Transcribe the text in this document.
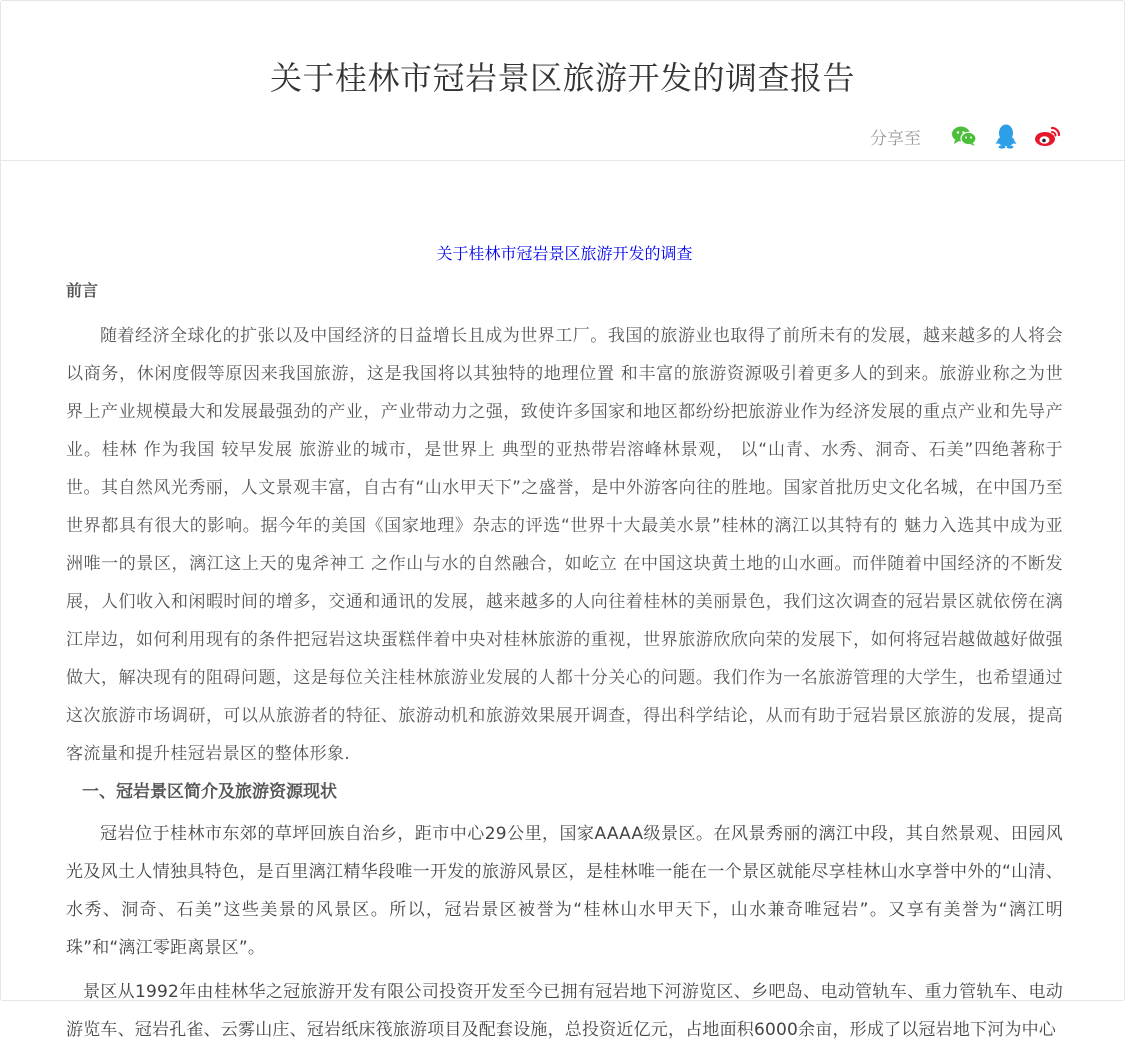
关于桂林市冠岩景区旅游开发的调查报告
分享至

关于桂林市冠岩景区旅游开发的调查

前言

随着经济全球化的扩张以及中国经济的日益增长且成为世界工厂。我国的旅游业也取得了前所未有的发展，越来越多的人将会以商务，休闲度假等原因来我国旅游，这是我国将以其独特的地理位置 和丰富的旅游资源吸引着更多人的到来。旅游业称之为世界上产业规模最大和发展最强劲的产业，产业带动力之强，致使许多国家和地区都纷纷把旅游业作为经济发展的重点产业和先导产业。桂林 作为我国 较早发展 旅游业的城市，是世界上 典型的亚热带岩溶峰林景观， 以“山青、水秀、洞奇、石美”四绝著称于世。其自然风光秀丽，人文景观丰富，自古有“山水甲天下”之盛誉，是中外游客向往的胜地。国家首批历史文化名城，在中国乃至世界都具有很大的影响。据今年的美国《国家地理》杂志的评选“世界十大最美水景”桂林的漓江以其特有的 魅力入选其中成为亚洲唯一的景区，漓江这上天的鬼斧神工 之作山与水的自然融合，如屹立 在中国这块黄土地的山水画。而伴随着中国经济的不断发展，人们收入和闲暇时间的增多，交通和通讯的发展，越来越多的人向往着桂林的美丽景色，我们这次调查的冠岩景区就依傍在漓江岸边，如何利用现有的条件把冠岩这块蛋糕伴着中央对桂林旅游的重视，世界旅游欣欣向荣的发展下，如何将冠岩越做越好做强做大，解决现有的阻碍问题，这是每位关注桂林旅游业发展的人都十分关心的问题。我们作为一名旅游管理的大学生，也希望通过这次旅游市场调研，可以从旅游者的特征、旅游动机和旅游效果展开调查，得出科学结论，从而有助于冠岩景区旅游的发展，提高客流量和提升桂冠岩景区的整体形象.

一、冠岩景区简介及旅游资源现状

冠岩位于桂林市东郊的草坪回族自治乡，距市中心29公里，国家AAAA级景区。在风景秀丽的漓江中段，其自然景观、田园风光及风土人情独具特色，是百里漓江精华段唯一开发的旅游风景区，是桂林唯一能在一个景区就能尽享桂林山水享誉中外的“山清、水秀、洞奇、石美”这些美景的风景区。所以，冠岩景区被誉为“桂林山水甲天下，山水兼奇唯冠岩”。又享有美誉为“漓江明珠”和“漓江零距离景区”。

景区从1992年由桂林华之冠旅游开发有限公司投资开发至今已拥有冠岩地下河游览区、乡吧岛、电动管轨车、重力管轨车、电动游览车、冠岩孔雀、云雾山庄、冠岩纸床筏旅游项目及配套设施，总投资近亿元，占地面积6000余亩，形成了以冠岩地下河为中心
